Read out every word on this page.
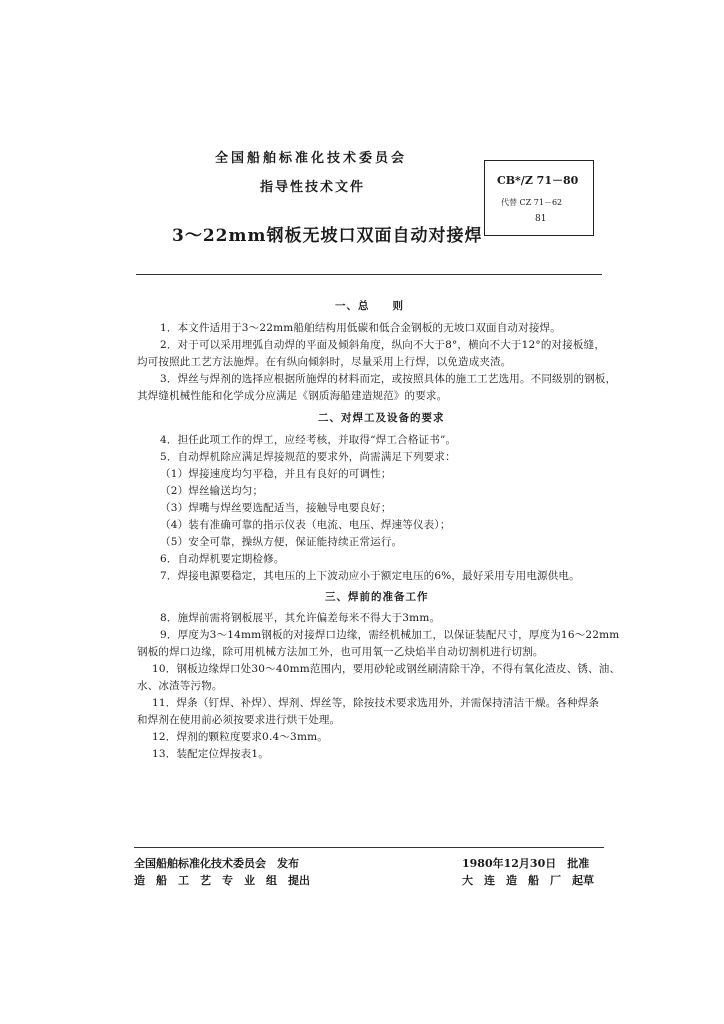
全国船舶标准化技术委员会
指导性技术文件
3～22mm钢板无坡口双面自动对接焊
CB*/Z 71－80
代替 CZ 71－62
81
一、总　　则
1．本文件适用于3～22mm船舶结构用低碳和低合金钢板的无坡口双面自动对接焊。
2．对于可以采用埋弧自动焊的平面及倾斜角度，纵向不大于8°，横向不大于12°的对接板缝，
均可按照此工艺方法施焊。在有纵向倾斜时，尽量采用上行焊，以免造成夹渣。
3．焊丝与焊剂的选择应根据所施焊的材料而定，或按照具体的施工工艺选用。不同级别的钢板，
其焊缝机械性能和化学成分应满足《钢质海船建造规范》的要求。
二、对焊工及设备的要求
4．担任此项工作的焊工，应经考核，并取得“焊工合格证书”。
5．自动焊机除应满足焊接规范的要求外，尚需满足下列要求：
（1）焊接速度均匀平稳，并且有良好的可调性；
（2）焊丝输送均匀；
（3）焊嘴与焊丝要选配适当，接触导电要良好；
（4）装有准确可靠的指示仪表（电流、电压、焊速等仪表）；
（5）安全可靠，操纵方便，保证能持续正常运行。
6．自动焊机要定期检修。
7．焊接电源要稳定，其电压的上下波动应小于额定电压的6%，最好采用专用电源供电。
三、焊前的准备工作
8．施焊前需将钢板展平，其允许偏差每米不得大于3mm。
9．厚度为3～14mm钢板的对接焊口边缘，需经机械加工，以保证装配尺寸，厚度为16～22mm
钢板的焊口边缘，除可用机械方法加工外，也可用氧一乙炔焰半自动切割机进行切割。
10．钢板边缘焊口处30～40mm范围内，要用砂轮或钢丝刷清除干净，不得有氧化渣皮、锈、油、
水、冰渣等污物。
11．焊条（钉焊、补焊）、焊剂、焊丝等，除按技术要求选用外，并需保持清洁干燥。各种焊条
和焊剂在使用前必须按要求进行烘干处理。
12．焊剂的颗粒度要求0.4～3mm。
13．装配定位焊按表1。
全国船舶标准化技术委员会　发布
造　船　工　艺　专　业　组　提出
1980年12月30日　批准
大　连　造　船　厂　起草
